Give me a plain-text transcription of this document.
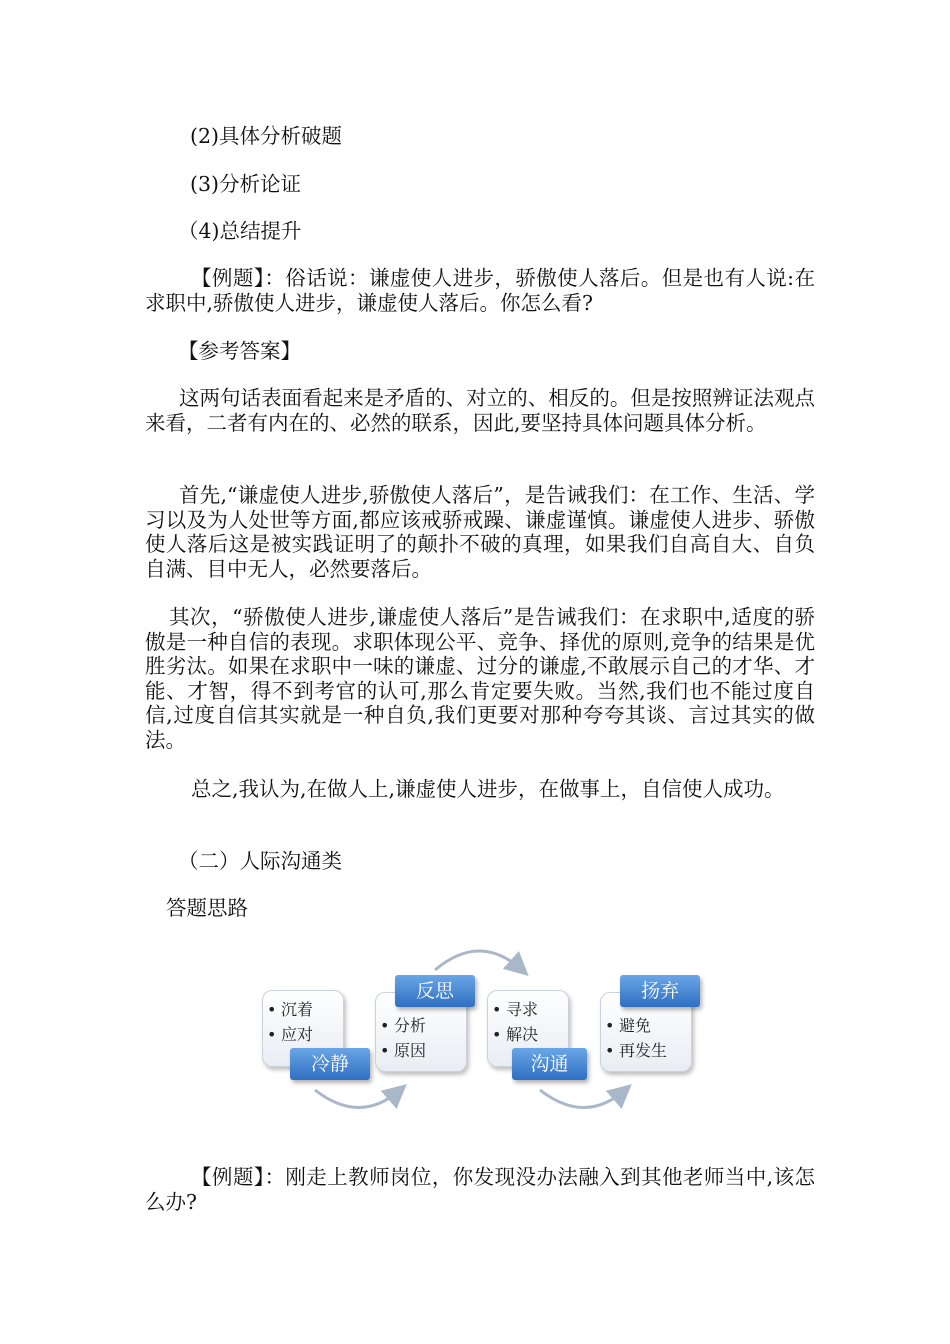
(2)具体分析破题
(3)分析论证
（4)总结提升
【例题】：俗话说：谦虚使人进步，骄傲使人落后。但是也有人说:在求职中,骄傲使人进步，谦虚使人落后。你怎么看?
【参考答案】
这两句话表面看起来是矛盾的、对立的、相反的。但是按照辨证法观点来看，二者有内在的、必然的联系，因此,要坚持具体问题具体分析。
首先,“谦虚使人进步,骄傲使人落后”，是告诫我们：在工作、生活、学习以及为人处世等方面,都应该戒骄戒躁、谦虚谨慎。谦虚使人进步、骄傲使人落后这是被实践证明了的颠扑不破的真理，如果我们自高自大、自负自满、目中无人，必然要落后。
其次，“骄傲使人进步,谦虚使人落后”是告诫我们：在求职中,适度的骄傲是一种自信的表现。求职体现公平、竞争、择优的原则,竞争的结果是优胜劣汰。如果在求职中一味的谦虚、过分的谦虚,不敢展示自己的才华、才能、才智，得不到考官的认可,那么肯定要失败。当然,我们也不能过度自信,过度自信其实就是一种自负,我们更要对那种夸夸其谈、言过其实的做法。
总之,我认为,在做人上,谦虚使人进步，在做事上，自信使人成功。
（二）人际沟通类
答题思路
• 沉着
• 应对
冷静
• 分析
• 原因
反思
• 寻求
• 解决
沟通
• 避免
• 再发生
扬弃
【例题】：刚走上教师岗位，你发现没办法融入到其他老师当中,该怎么办?
